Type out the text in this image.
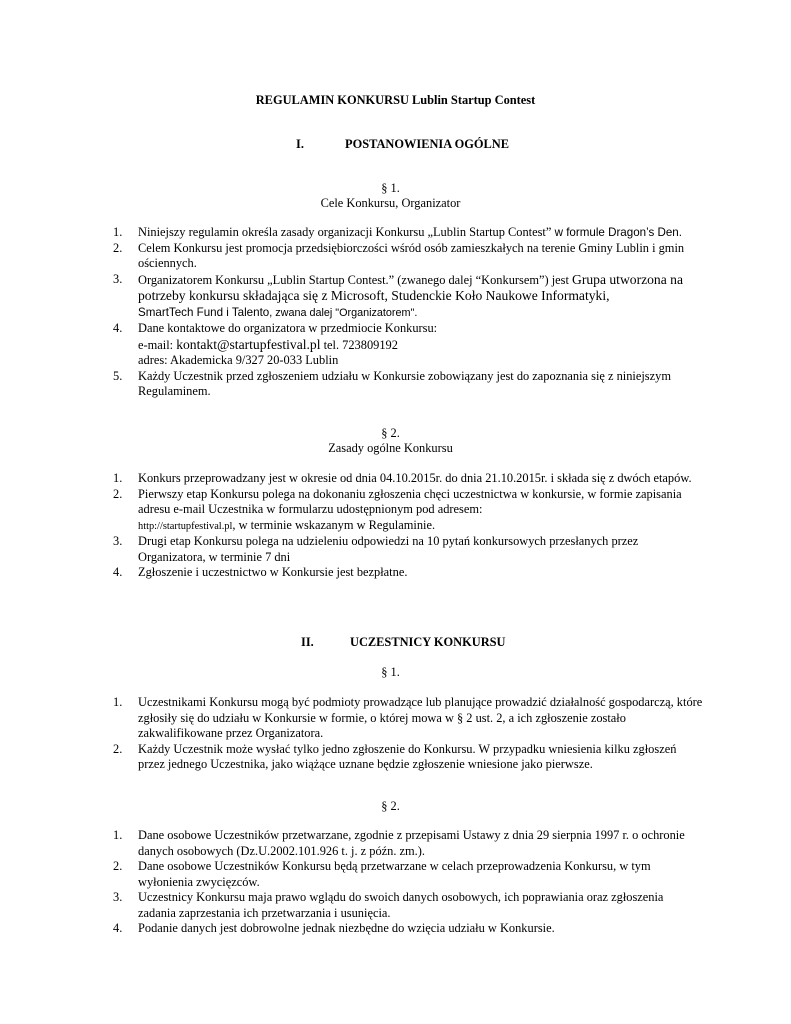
REGULAMIN KONKURSU Lublin Startup Contest
I.	POSTANOWIENIA OGÓLNE
§ 1.
Cele Konkursu, Organizator
1. Niniejszy regulamin określa zasady organizacji Konkursu „Lublin Startup Contest” w formule Dragon’s Den.
2. Celem Konkursu jest promocja przedsiębiorczości wśród osób zamieszkałych na terenie Gminy Lublin i gmin ościennych.
3. Organizatorem Konkursu „Lublin Startup Contest.” (zwanego dalej “Konkursem”) jest Grupa utworzona na potrzeby konkursu składająca się z Microsoft, Studenckie Koło Naukowe Informatyki,
SmartTech Fund i Talento, zwana dalej "Organizatorem".
4. Dane kontaktowe do organizatora w przedmiocie Konkursu:
e-mail: kontakt@startupfestival.pl tel. 723809192
adres: Akademicka 9/327 20-033 Lublin
5. Każdy Uczestnik przed zgłoszeniem udziału w Konkursie zobowiązany jest do zapoznania się z niniejszym Regulaminem.
§ 2.
Zasady ogólne Konkursu
1. Konkurs przeprowadzany jest w okresie od dnia 04.10.2015r. do dnia 21.10.2015r. i składa się z dwóch etapów.
2. Pierwszy etap Konkursu polega na dokonaniu zgłoszenia chęci uczestnictwa w konkursie, w formie zapisania adresu e-mail Uczestnika w formularzu udostępnionym pod adresem:
http://startupfestival.pl, w terminie wskazanym w Regulaminie.
3. Drugi etap Konkursu polega na udzieleniu odpowiedzi na 10 pytań konkursowych przesłanych przez Organizatora, w terminie 7 dni
4. Zgłoszenie i uczestnictwo w Konkursie jest bezpłatne.
II.	UCZESTNICY KONKURSU
§ 1.
1. Uczestnikami Konkursu mogą być podmioty prowadzące lub planujące prowadzić działalność gospodarczą, które zgłosiły się do udziału w Konkursie w formie, o której mowa w § 2 ust. 2, a ich zgłoszenie zostało zakwalifikowane przez Organizatora.
2. Każdy Uczestnik może wysłać tylko jedno zgłoszenie do Konkursu. W przypadku wniesienia kilku zgłoszeń przez jednego Uczestnika, jako wiążące uznane będzie zgłoszenie wniesione jako pierwsze.
§ 2.
1. Dane osobowe Uczestników przetwarzane, zgodnie z przepisami Ustawy z dnia 29 sierpnia 1997 r. o ochronie danych osobowych (Dz.U.2002.101.926 t. j. z późn. zm.).
2. Dane osobowe Uczestników Konkursu będą przetwarzane w celach przeprowadzenia Konkursu, w tym wyłonienia zwycięzców.
3. Uczestnicy Konkursu maja prawo wglądu do swoich danych osobowych, ich poprawiania oraz zgłoszenia zadania zaprzestania ich przetwarzania i usunięcia.
4. Podanie danych jest dobrowolne jednak niezbędne do wzięcia udziału w Konkursie.
